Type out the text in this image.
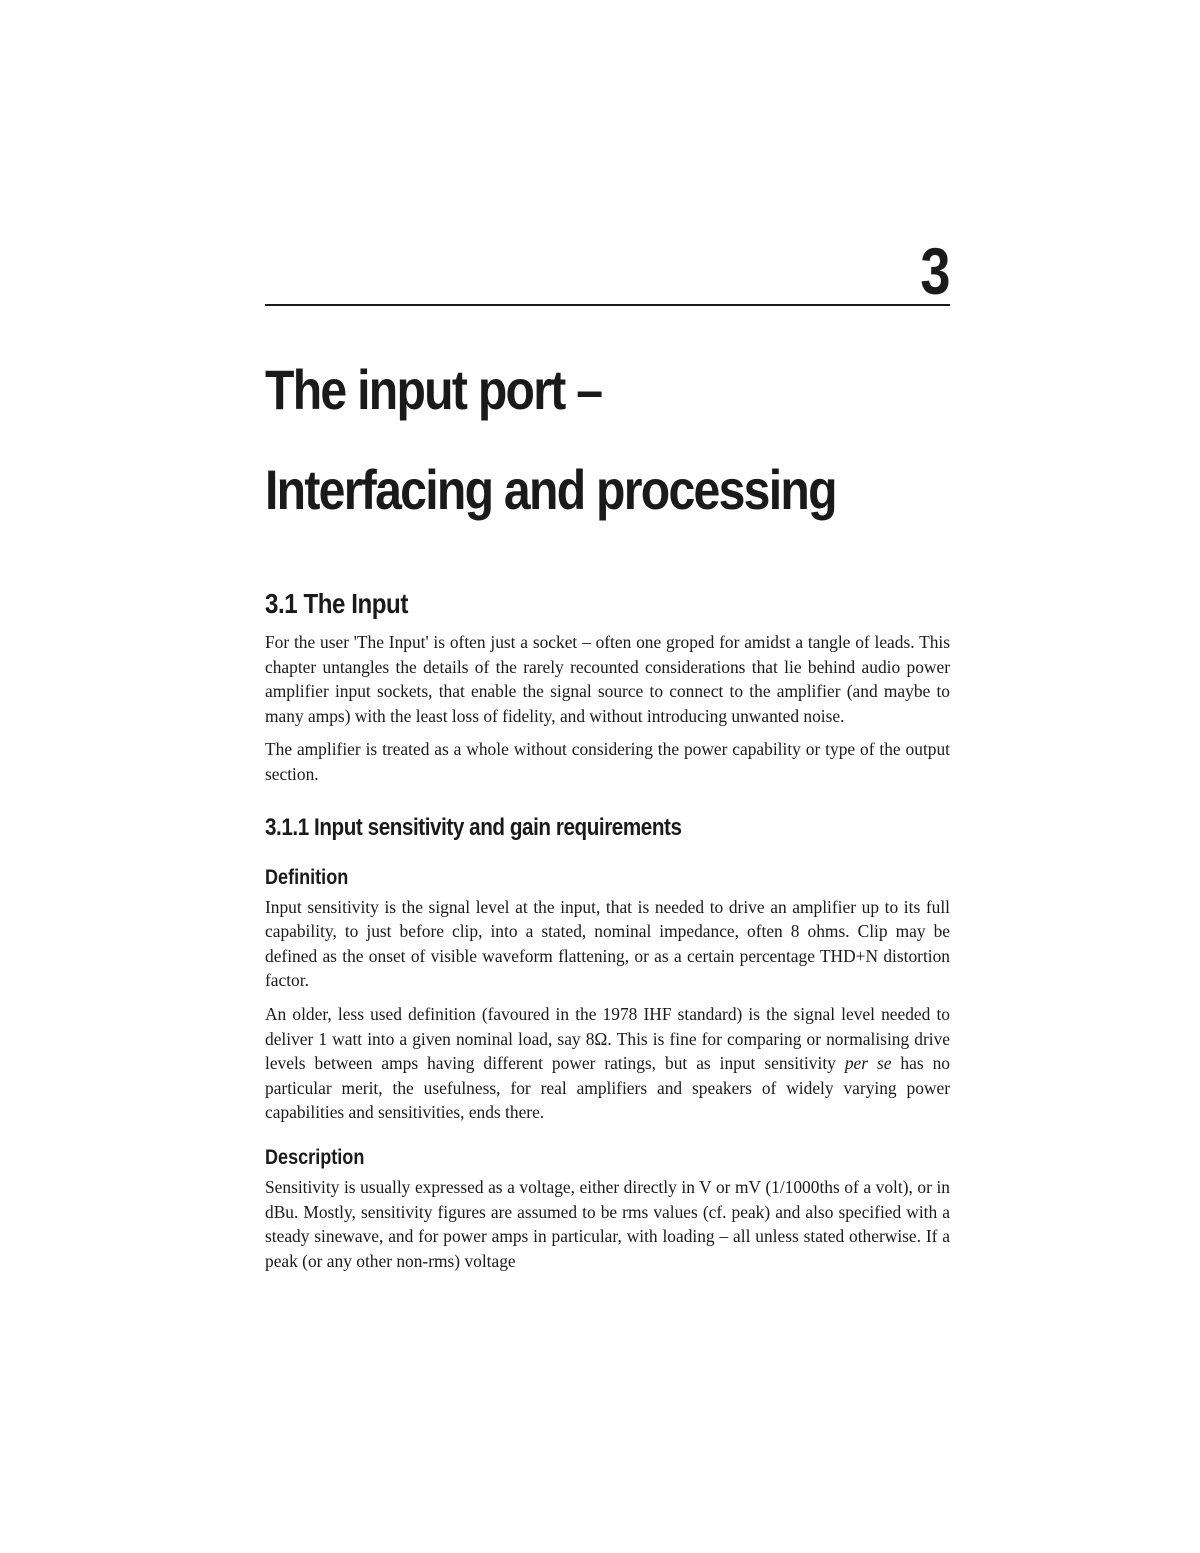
3
The input port –
Interfacing and processing
3.1 The Input

For the user 'The Input' is often just a socket – often one groped for amidst a tangle of leads. This chapter untangles the details of the rarely recounted considerations that lie behind audio power amplifier input sockets, that enable the signal source to connect to the amplifier (and maybe to many amps) with the least loss of fidelity, and without introducing unwanted noise.

The amplifier is treated as a whole without considering the power capability or type of the output section.

3.1.1 Input sensitivity and gain requirements
Definition

Input sensitivity is the signal level at the input, that is needed to drive an amplifier up to its full capability, to just before clip, into a stated, nominal impedance, often 8 ohms. Clip may be defined as the onset of visible waveform flattening, or as a certain percentage THD+N distortion factor.

An older, less used definition (favoured in the 1978 IHF standard) is the signal level needed to deliver 1 watt into a given nominal load, say 8Ω. This is fine for comparing or normalising drive levels between amps having different power ratings, but as input sensitivity per se has no particular merit, the usefulness, for real amplifiers and speakers of widely varying power capabilities and sensitivities, ends there.

Description

Sensitivity is usually expressed as a voltage, either directly in V or mV (1/1000ths of a volt), or in dBu. Mostly, sensitivity figures are assumed to be rms values (cf. peak) and also specified with a steady sinewave, and for power amps in particular, with loading – all unless stated otherwise. If a peak (or any other non-rms) voltage
